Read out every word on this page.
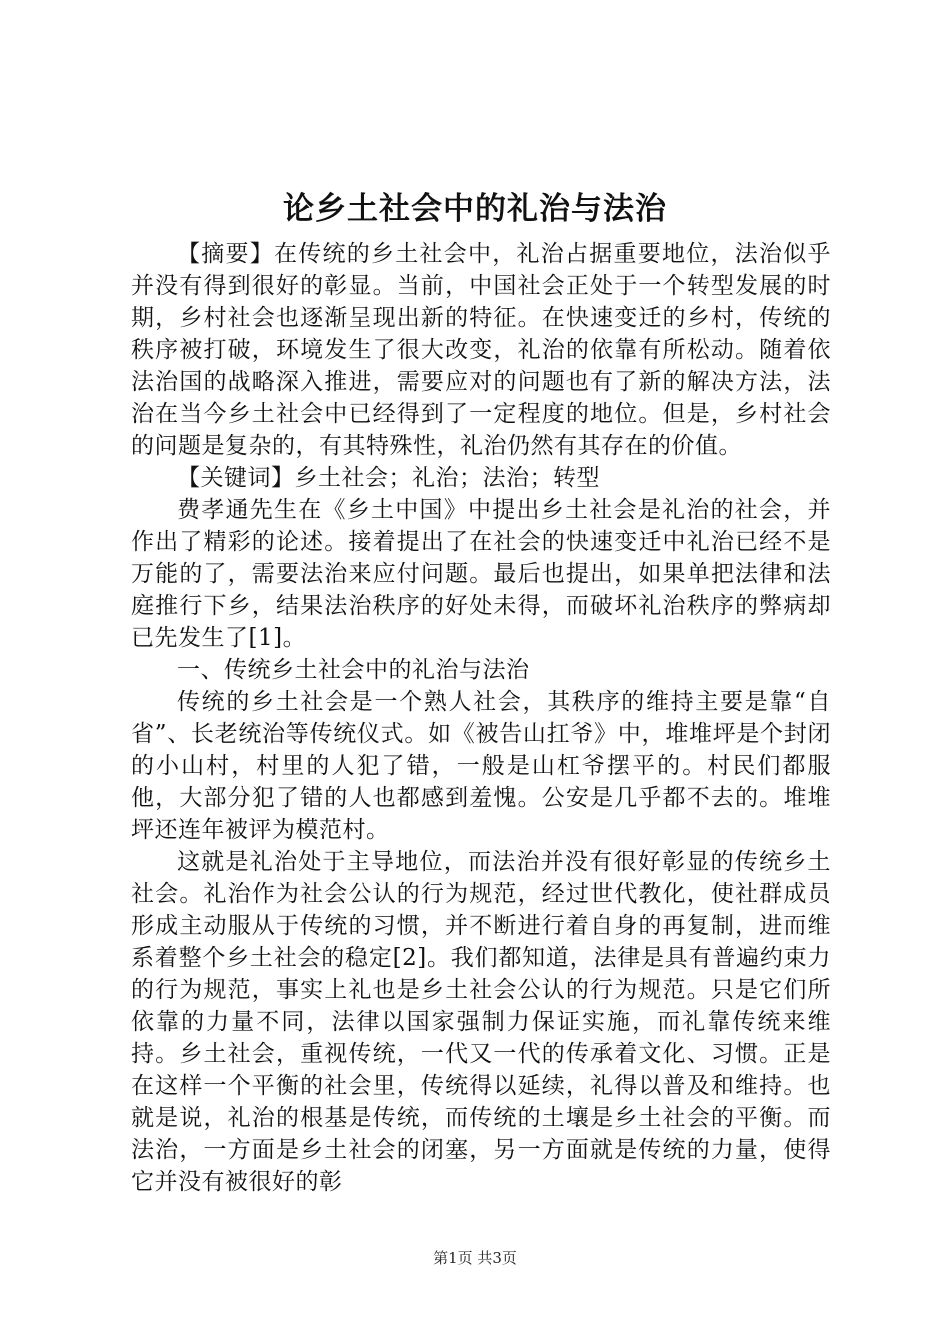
论乡土社会中的礼治与法治

【摘要】在传统的乡土社会中，礼治占据重要地位，法治似乎并没有得到很好的彰显。当前，中国社会正处于一个转型发展的时期，乡村社会也逐渐呈现出新的特征。在快速变迁的乡村，传统的秩序被打破，环境发生了很大改变，礼治的依靠有所松动。随着依法治国的战略深入推进，需要应对的问题也有了新的解决方法，法治在当今乡土社会中已经得到了一定程度的地位。但是，乡村社会的问题是复杂的，有其特殊性，礼治仍然有其存在的价值。

【关键词】乡土社会；礼治；法治；转型

费孝通先生在《乡土中国》中提出乡土社会是礼治的社会，并作出了精彩的论述。接着提出了在社会的快速变迁中礼治已经不是万能的了，需要法治来应付问题。最后也提出，如果单把法律和法庭推行下乡，结果法治秩序的好处未得，而破坏礼治秩序的弊病却已先发生了[1]。

一、传统乡土社会中的礼治与法治

传统的乡土社会是一个熟人社会，其秩序的维持主要是靠“自省”、长老统治等传统仪式。如《被告山扛爷》中，堆堆坪是个封闭的小山村，村里的人犯了错，一般是山杠爷摆平的。村民们都服他，大部分犯了错的人也都感到羞愧。公安是几乎都不去的。堆堆坪还连年被评为模范村。

这就是礼治处于主导地位，而法治并没有很好彰显的传统乡土社会。礼治作为社会公认的行为规范，经过世代教化，使社群成员形成主动服从于传统的习惯，并不断进行着自身的再复制，进而维系着整个乡土社会的稳定[2]。我们都知道，法律是具有普遍约束力的行为规范，事实上礼也是乡土社会公认的行为规范。只是它们所依靠的力量不同，法律以国家强制力保证实施，而礼靠传统来维持。乡土社会，重视传统，一代又一代的传承着文化、习惯。正是在这样一个平衡的社会里，传统得以延续，礼得以普及和维持。也就是说，礼治的根基是传统，而传统的土壤是乡土社会的平衡。而法治，一方面是乡土社会的闭塞，另一方面就是传统的力量，使得它并没有被很好的彰

第1页 共3页
